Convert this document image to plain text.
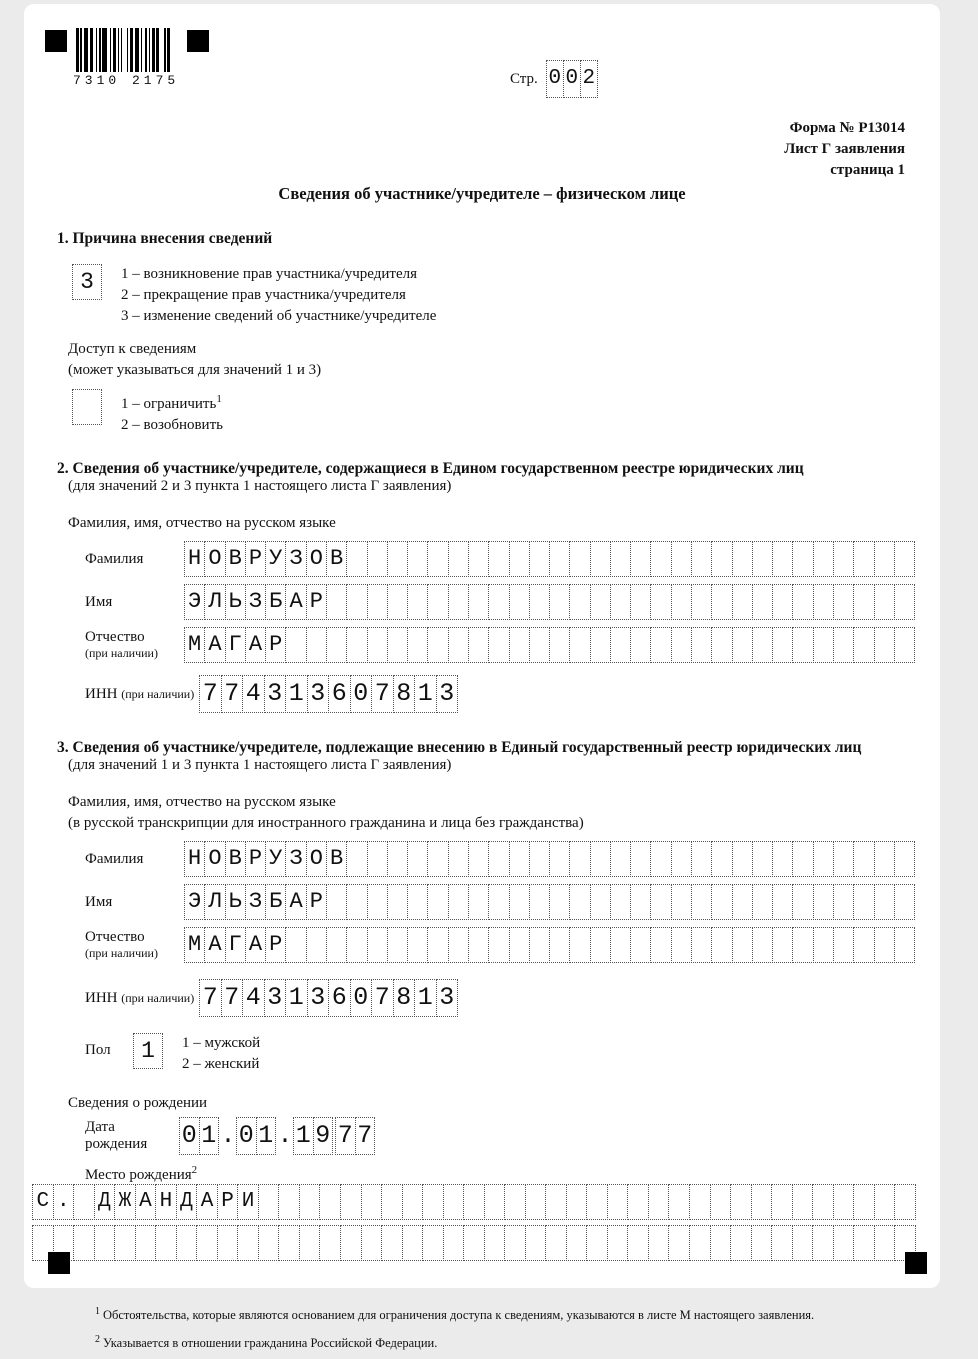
7310 2175	Стр. 0 0 2
Форма № Р13014
Лист Г заявления
страница 1
Сведения об участнике/учредителе – физическом лице
1. Причина внесения сведений
3	1 – возникновение прав участника/учредителя
2 – прекращение прав участника/учредителя
3 – изменение сведений об участнике/учредителе
Доступ к сведениям
(может указываться для значений 1 и 3)
1 – ограничить$^1$
2 – возобновить
2. Сведения об участнике/учредителе, содержащиеся в Едином государственном реестре юридических лиц
(для значений 2 и 3 пункта 1 настоящего листа Г заявления)
Фамилия, имя, отчество на русском языке
Фамилия	Н О В Р У З О В

Имя	Э Л Ь З Б А Р

Отчество
(при наличии)	М А Г А Р

ИНН (при наличии) 7 7 4 3 1 3 6 0 7 8 1 3
3. Сведения об участнике/учредителе, подлежащие внесению в Единый государственный реестр юридических лиц
(для значений 1 и 3 пункта 1 настоящего листа Г заявления)
Фамилия, имя, отчество на русском языке
(в русской транскрипции для иностранного гражданина и лица без гражданства)
Фамилия	Н О В Р У З О В

Имя	Э Л Ь З Б А Р

Отчество
(при наличии)	М А Г А Р

ИНН (при наличии) 7 7 4 3 1 3 6 0 7 8 1 3
Пол	1	1 – мужской
2 – женский
Сведения о рождении
Дата рождения	0 1 . 0 1 . 1 9 7 7
Место рождения$^2$
С .
Д Ж А Н Д А Р И

$^1$ Обстоятельства, которые являются основанием для ограничения доступа к сведениям, указываются в листе М настоящего заявления.
$^2$ Указывается в отношении гражданина Российской Федерации.
